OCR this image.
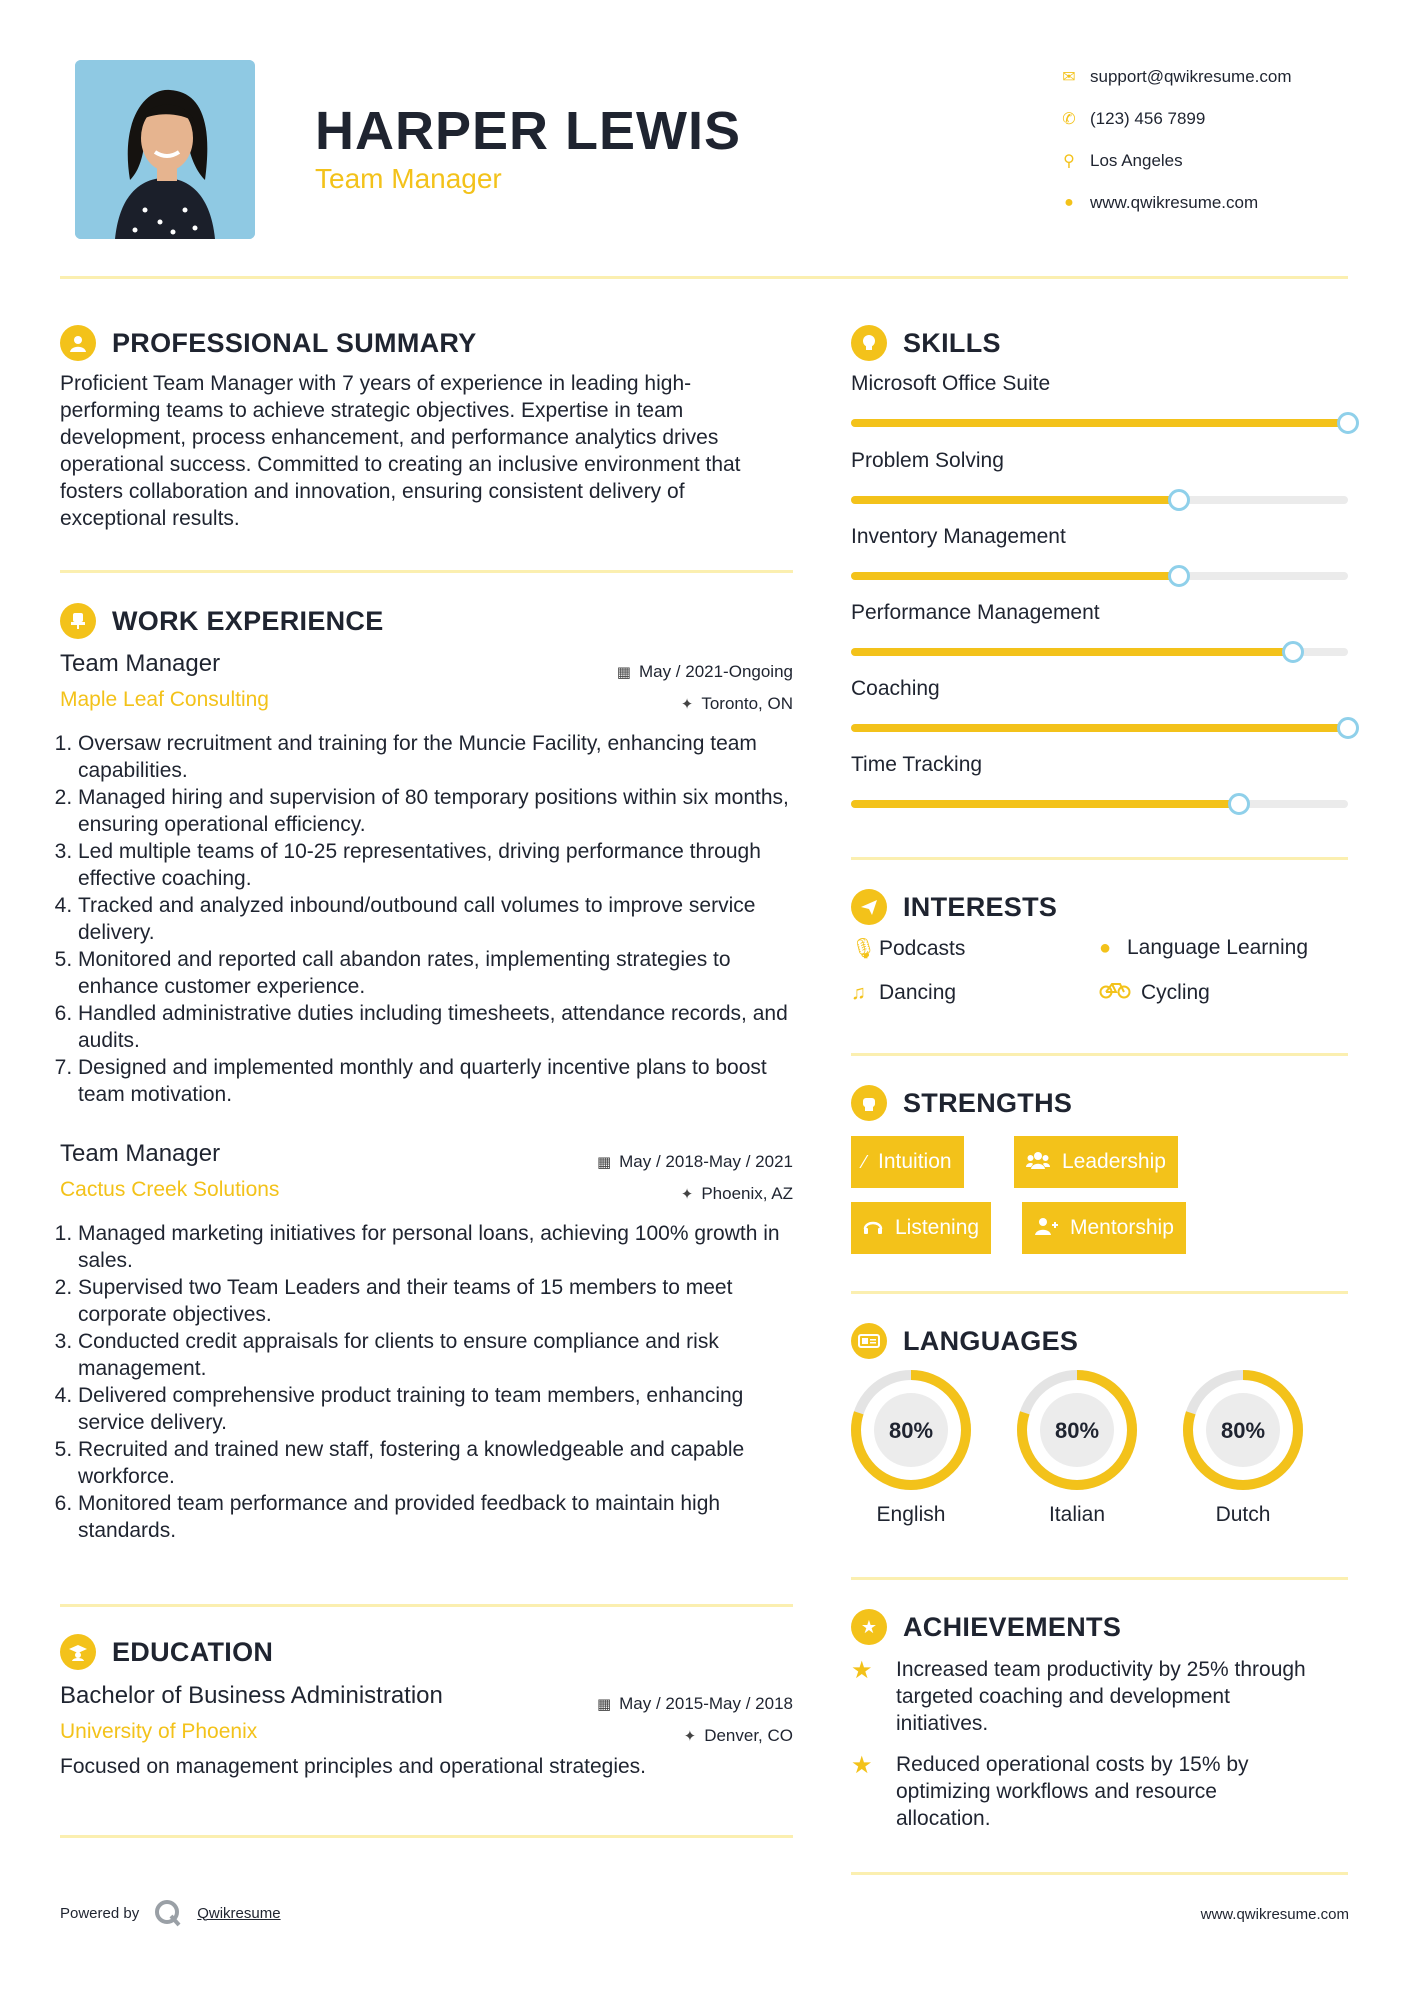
HARPER LEWIS
Team Manager
✉ support@qwikresume.com
✆ (123) 456 7899
⚲ Los Angeles
● www.qwikresume.com
PROFESSIONAL SUMMARY
Proficient Team Manager with 7 years of experience in leading high-performing teams to achieve strategic objectives. Expertise in team development, process enhancement, and performance analytics drives operational success. Committed to creating an inclusive environment that fosters collaboration and innovation, ensuring consistent delivery of exceptional results.
WORK EXPERIENCE
Team Manager
Maple Leaf Consulting
▦ May / 2021-Ongoing
✦ Toronto, ON
1. Oversaw recruitment and training for the Muncie Facility, enhancing team capabilities.
2. Managed hiring and supervision of 80 temporary positions within six months, ensuring operational efficiency.
3. Led multiple teams of 10-25 representatives, driving performance through effective coaching.
4. Tracked and analyzed inbound/outbound call volumes to improve service delivery.
5. Monitored and reported call abandon rates, implementing strategies to enhance customer experience.
6. Handled administrative duties including timesheets, attendance records, and audits.
7. Designed and implemented monthly and quarterly incentive plans to boost team motivation.
Team Manager
Cactus Creek Solutions
▦ May / 2018-May / 2021
✦ Phoenix, AZ
1. Managed marketing initiatives for personal loans, achieving 100% growth in sales.
2. Supervised two Team Leaders and their teams of 15 members to meet corporate objectives.
3. Conducted credit appraisals for clients to ensure compliance and risk management.
4. Delivered comprehensive product training to team members, enhancing service delivery.
5. Recruited and trained new staff, fostering a knowledgeable and capable workforce.
6. Monitored team performance and provided feedback to maintain high standards.
EDUCATION
Bachelor of Business Administration
University of Phoenix
▦ May / 2015-May / 2018
✦ Denver, CO
Focused on management principles and operational strategies.
SKILLS
Microsoft Office Suite
Problem Solving
Inventory Management
Performance Management
Coaching
Time Tracking
INTERESTS
🎙︎ Podcasts	● Language Learning
♫ Dancing	Cycling
STRENGTHS
⁄ Intuition	Leadership
Listening	Mentorship
LANGUAGES
80%
English
80%
Italian
80%
Dutch
★ ACHIEVEMENTS
★	Increased team productivity by 25% through targeted coaching and development initiatives.
★	Reduced operational costs by 15% by optimizing workflows and resource allocation.
Powered by	Qwikresume	www.qwikresume.com
